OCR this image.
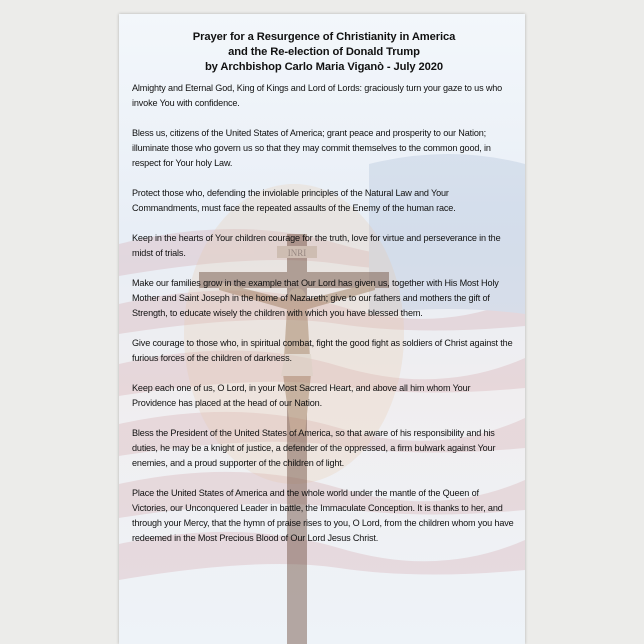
INRI
Prayer for a Resurgence of Christianity in America
and the Re-election of Donald Trump
by Archbishop Carlo Maria Viganò - July 2020

Almighty and Eternal God, King of Kings and Lord of Lords: graciously turn your gaze to us who invoke You with confidence.

Bless us, citizens of the United States of America; grant peace and prosperity to our Nation; illuminate those who govern us so that they may commit themselves to the common good, in respect for Your holy Law.

Protect those who, defending the inviolable principles of the Natural Law and Your Commandments, must face the repeated assaults of the Enemy of the human race.

Keep in the hearts of Your children courage for the truth, love for virtue and perseverance in the midst of trials.

Make our families grow in the example that Our Lord has given us, together with His Most Holy Mother and Saint Joseph in the home of Nazareth; give to our fathers and mothers the gift of Strength, to educate wisely the children with which you have blessed them.

Give courage to those who, in spiritual combat, fight the good fight as soldiers of Christ against the furious forces of the children of darkness.

Keep each one of us, O Lord, in your Most Sacred Heart, and above all him whom Your Providence has placed at the head of our Nation.

Bless the President of the United States of America, so that aware of his responsibility and his duties, he may be a knight of justice, a defender of the oppressed, a firm bulwark against Your enemies, and a proud supporter of the children of light.

Place the United States of America and the whole world under the mantle of the Queen of Victories, our Unconquered Leader in battle, the Immaculate Conception. It is thanks to her, and through your Mercy, that the hymn of praise rises to you, O Lord, from the children whom you have redeemed in the Most Precious Blood of Our Lord Jesus Christ.
